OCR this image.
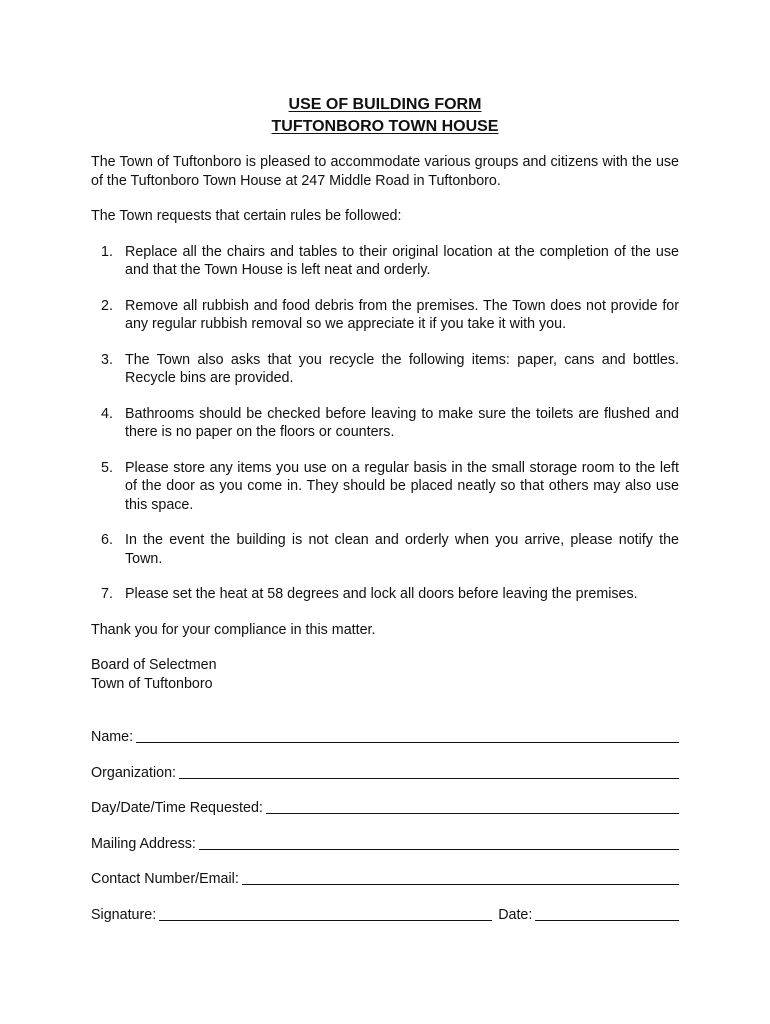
USE OF BUILDING FORM
TUFTONBORO TOWN HOUSE

The Town of Tuftonboro is pleased to accommodate various groups and citizens with the use of the Tuftonboro Town House at 247 Middle Road in Tuftonboro.

The Town requests that certain rules be followed:

1. Replace all the chairs and tables to their original location at the completion of the use and that the Town House is left neat and orderly.
2. Remove all rubbish and food debris from the premises. The Town does not provide for any regular rubbish removal so we appreciate it if you take it with you.
3. The Town also asks that you recycle the following items: paper, cans and bottles. Recycle bins are provided.
4. Bathrooms should be checked before leaving to make sure the toilets are flushed and there is no paper on the floors or counters.
5. Please store any items you use on a regular basis in the small storage room to the left of the door as you come in. They should be placed neatly so that others may also use this space.
6. In the event the building is not clean and orderly when you arrive, please notify the Town.
7. Please set the heat at 58 degrees and lock all doors before leaving the premises.

Thank you for your compliance in this matter.

Board of Selectmen
Town of Tuftonboro
Name:
Organization:
Day/Date/Time Requested:
Mailing Address:
Contact Number/Email:
Signature:	Date:
